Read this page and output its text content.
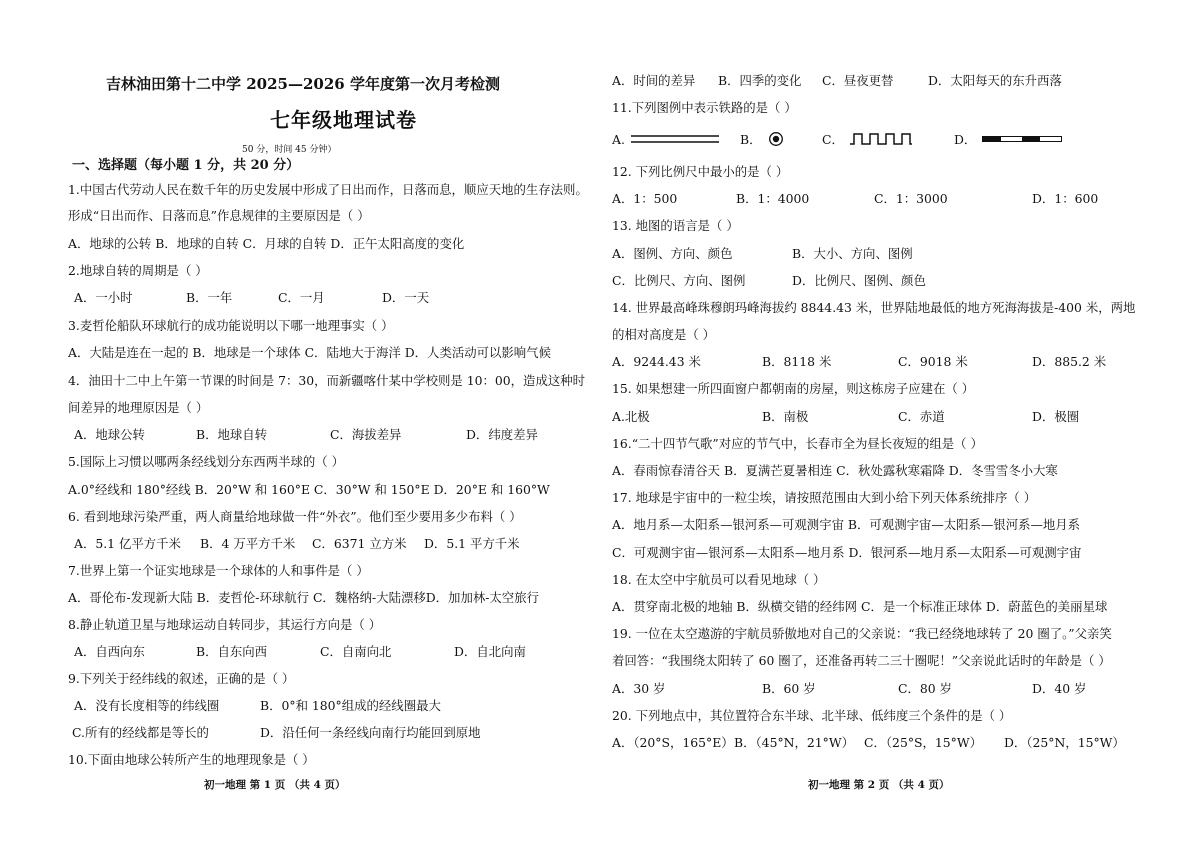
吉林油田第十二中学 2025—2026 学年度第一次月考检测
七年级地理试卷
50 分，时间 45 分钟）
一、选择题（每小题 1 分，共 20 分）
1.中国古代劳动人民在数千年的历史发展中形成了日出而作，日落而息，顺应天地的生存法则。
形成“日出而作、日落而息”作息规律的主要原因是（ ）
A．地球的公转 B．地球的自转 C．月球的自转 D．正午太阳高度的变化
2.地球自转的周期是（ ）
A．一小时	B．一年	C．一月	D．一天
3.麦哲伦船队环球航行的成功能说明以下哪一地理事实（ ）
A．大陆是连在一起的 B．地球是一个球体 C．陆地大于海洋 D．人类活动可以影响气候
4．油田十二中上午第一节课的时间是 7：30，而新疆喀什某中学校则是 10：00，造成这种时
间差异的地理原因是（ ）
A．地球公转	B．地球自转	C．海拔差异	D．纬度差异
5.国际上习惯以哪两条经线划分东西两半球的（ ）
A.0°经线和 180°经线 B．20°W 和 160°E C．30°W 和 150°E D．20°E 和 160°W
6. 看到地球污染严重，两人商量给地球做一件“外衣”。他们至少要用多少布料（ ）
A．5.1 亿平方千米 B．4 万平方千米 C．6371 立方米 D．5.1 平方千米
7.世界上第一个证实地球是一个球体的人和事件是（ ）
A．哥伦布-发现新大陆 B．麦哲伦-环球航行 C．魏格纳-大陆漂移D．加加林-太空旅行
8.静止轨道卫星与地球运动自转同步，其运行方向是（ ）
A．自西向东	B．自东向西	C．自南向北	D．自北向南
9.下列关于经纬线的叙述，正确的是（ ）
A．没有长度相等的纬线圈	B．0°和 180°组成的经线圈最大
C.所有的经线都是等长的	D．沿任何一条经线向南行均能回到原地
10.下面由地球公转所产生的地理现象是（ ）
初一地理 第 1 页 （共 4 页）
A．时间的差异 B．四季的变化 C．昼夜更替	D．太阳每天的东升西落
11.下列图例中表示铁路的是（ ）
A.	B．	C．	D．
12. 下列比例尺中最小的是（ ）
A．1：500	B．1：4000	C．1：3000	D．1：600
13. 地图的语言是（ ）
A．图例、方向、颜色	B．大小、方向、图例
C．比例尺、方向、图例	D．比例尺、图例、颜色
14. 世界最高峰珠穆朗玛峰海拔约 8844.43 米，世界陆地最低的地方死海海拔是-400 米，两地
的相对高度是（ ）
A．9244.43 米	B．8118 米	C．9018 米	D．885.2 米
15. 如果想建一所四面窗户都朝南的房屋，则这栋房子应建在（ ）
A.北极	B．南极	C．赤道	D．极圈
16.“二十四节气歌”对应的节气中，长春市全为昼长夜短的组是（ ）
A．春雨惊春清谷天 B．夏满芒夏暑相连 C．秋处露秋寒霜降 D．冬雪雪冬小大寒
17. 地球是宇宙中的一粒尘埃，请按照范围由大到小给下列天体系统排序（ ）
A．地月系—太阳系—银河系—可观测宇宙 B．可观测宇宙—太阳系—银河系—地月系
C．可观测宇宙—银河系—太阳系—地月系 D．银河系—地月系—太阳系—可观测宇宙
18. 在太空中宇航员可以看见地球（ ）
A．贯穿南北极的地轴 B．纵横交错的经纬网 C．是一个标准正球体 D．蔚蓝色的美丽星球
19. 一位在太空遨游的宇航员骄傲地对自己的父亲说：“我已经绕地球转了 20 圈了。”父亲笑
着回答：“我围绕太阳转了 60 圈了，还准备再转二三十圈呢！”父亲说此话时的年龄是（ ）
A．30 岁	B．60 岁	C．80 岁	D．40 岁
20. 下列地点中，其位置符合东半球、北半球、低纬度三个条件的是（ ）
A．（20°S，165°E） B．（45°N，21°W） C．（25°S，15°W） D．（25°N，15°W）
初一地理 第 2 页 （共 4 页）
